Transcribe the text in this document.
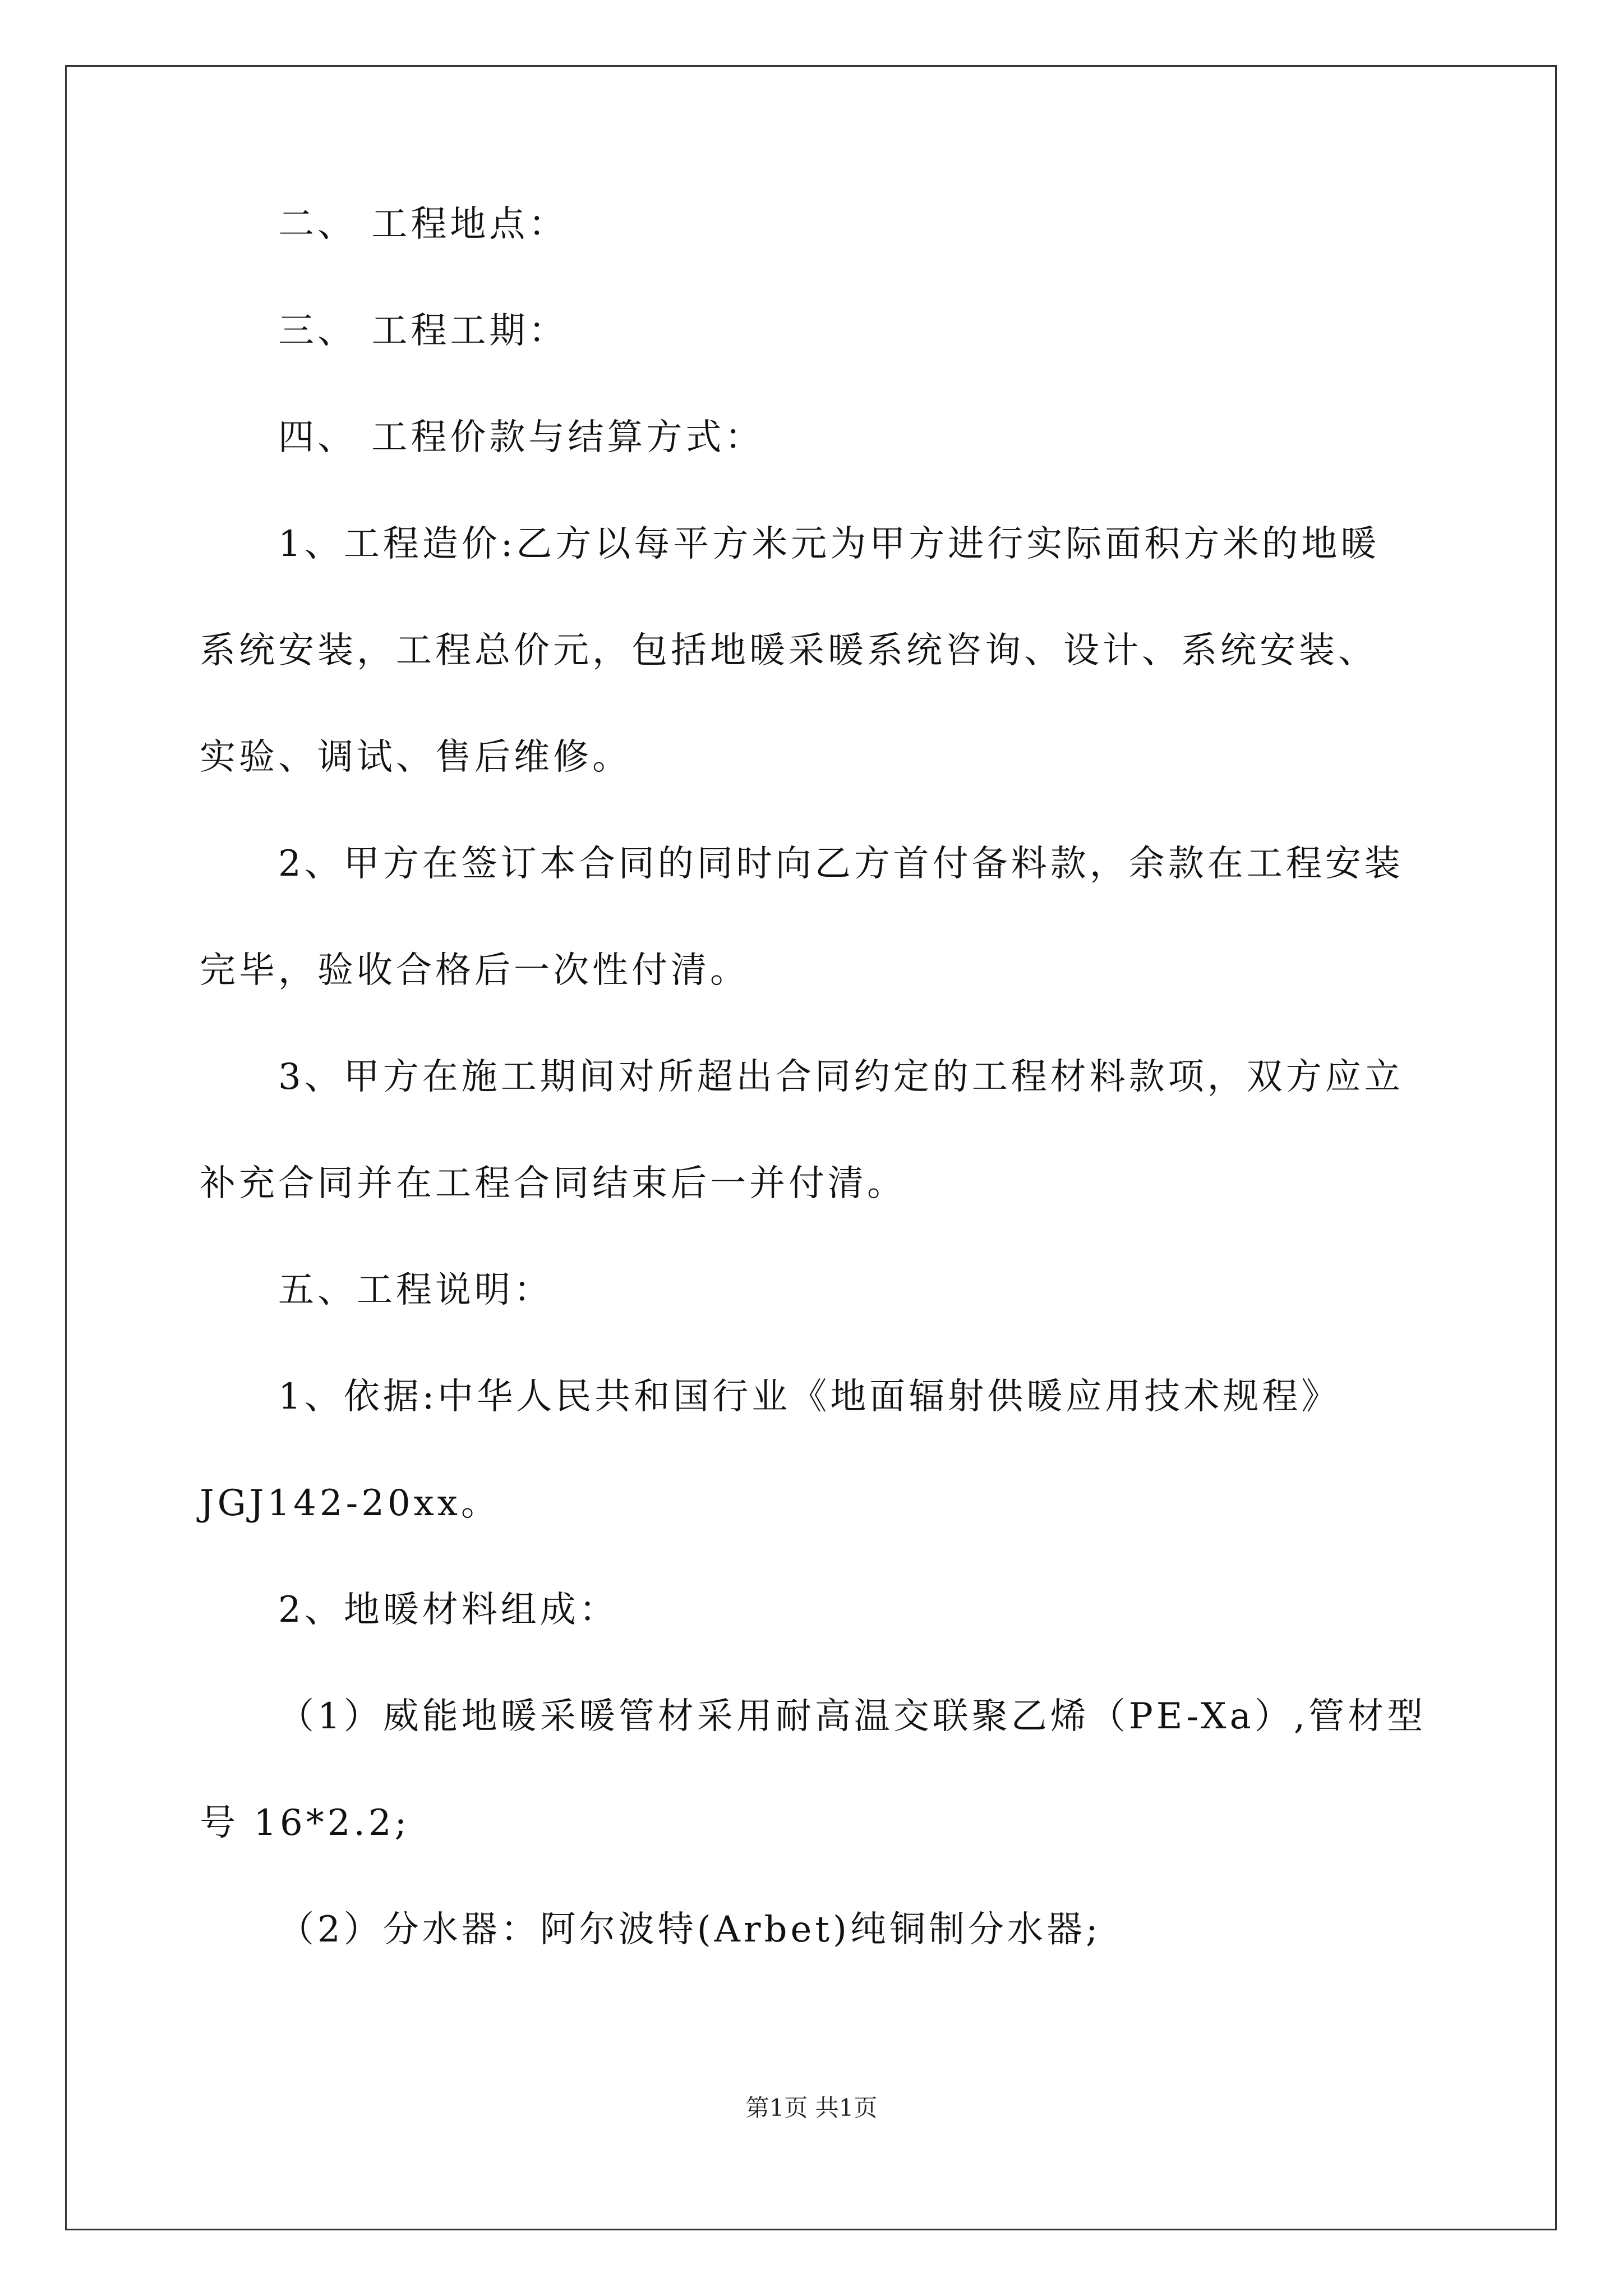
二、 工程地点：
三、 工程工期：
四、 工程价款与结算方式：
1、工程造价:乙方以每平方米元为甲方进行实际面积方米的地暖
系统安装，工程总价元，包括地暖采暖系统咨询、设计、系统安装、
实验、调试、售后维修。
2、甲方在签订本合同的同时向乙方首付备料款，余款在工程安装
完毕，验收合格后一次性付清。
3、甲方在施工期间对所超出合同约定的工程材料款项，双方应立
补充合同并在工程合同结束后一并付清。
五、工程说明：
1、依据:中华人民共和国行业《地面辐射供暖应用技术规程》
JGJ142-20xx。
2、地暖材料组成：
（1）威能地暖采暖管材采用耐高温交联聚乙烯（PE-Xa）,管材型
号 16*2.2;
（2）分水器：阿尔波特(Arbet)纯铜制分水器;
第1页 共1页
